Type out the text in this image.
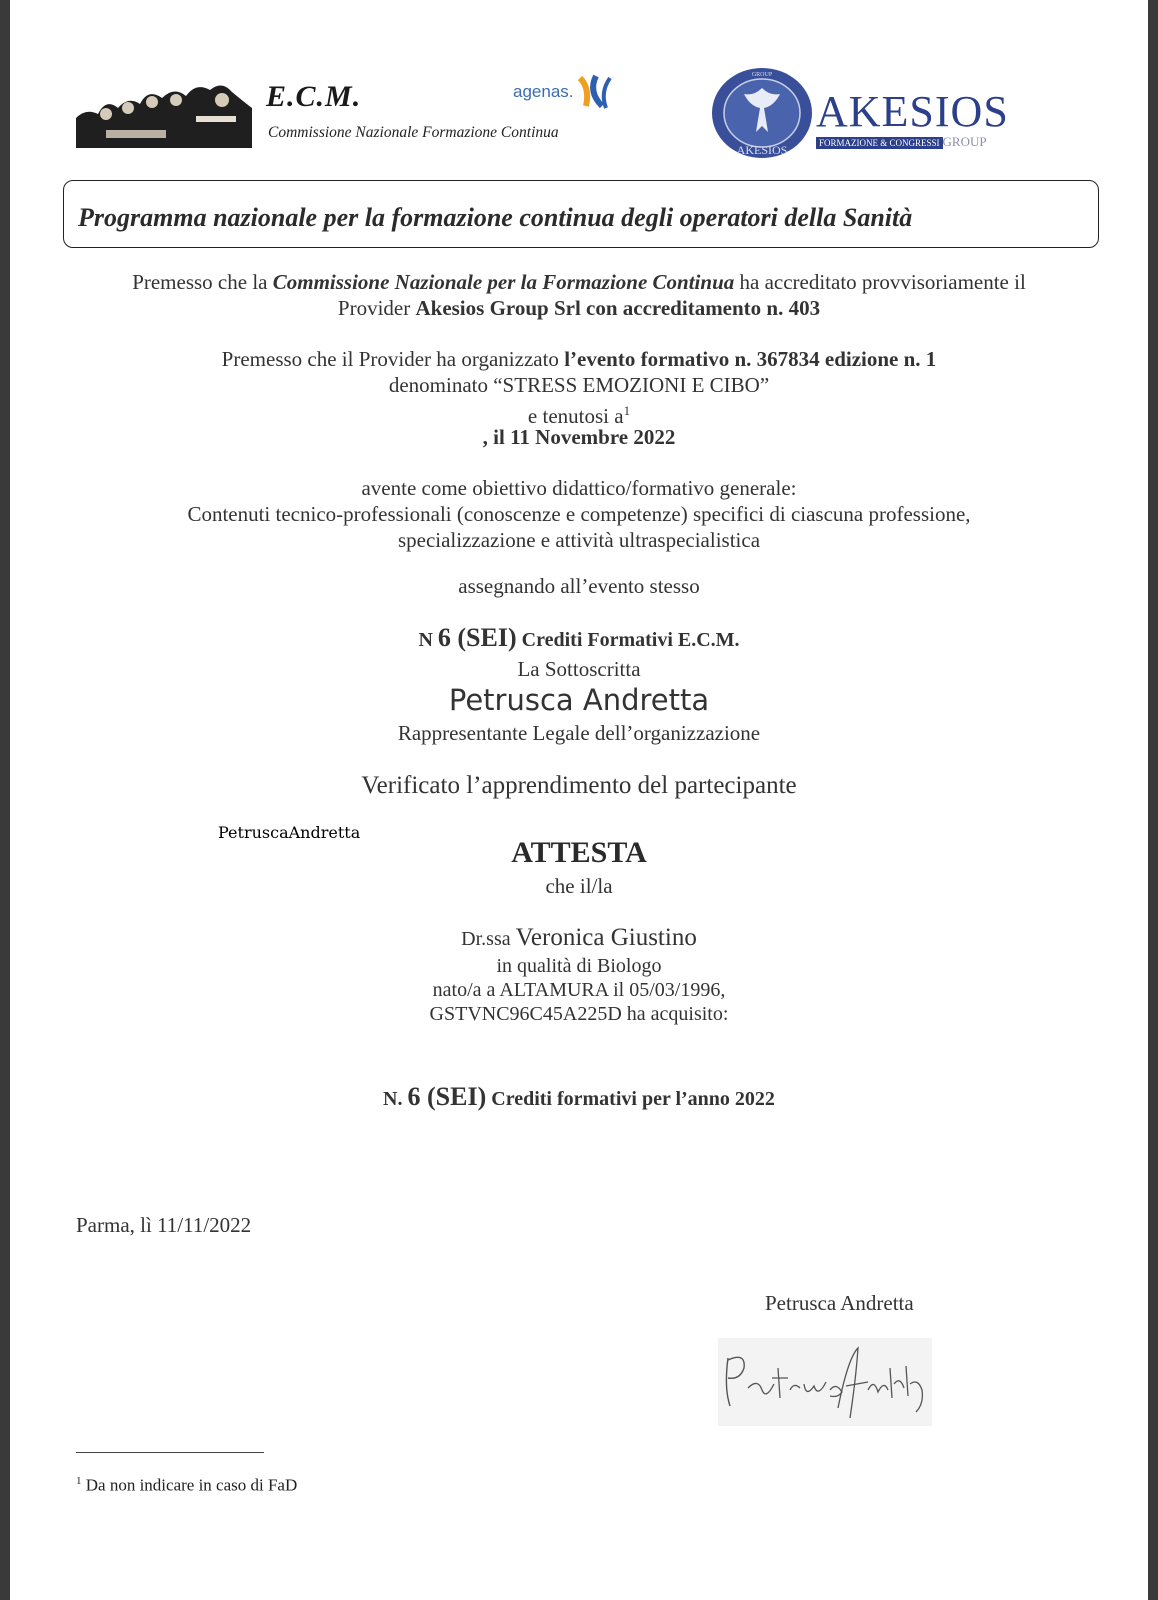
E.C.M.
Commissione Nazionale Formazione Continua
agenas.
AKESIOS
GROUP
AKESIOS
FORMAZIONE & CONGRESSI GROUP
Programma nazionale per la formazione continua degli operatori della Sanità
Premesso che la Commissione Nazionale per la Formazione Continua ha accreditato provvisoriamente il
Provider Akesios Group Srl con accreditamento n. 403
Premesso che il Provider ha organizzato l’evento formativo n. 367834 edizione n. 1
denominato “STRESS EMOZIONI E CIBO”
e tenutosi $a^1$
, il 11 Novembre 2022
avente come obiettivo didattico/formativo generale:
Contenuti tecnico-professionali (conoscenze e competenze) specifici di ciascuna professione,
specializzazione e attività ultraspecialistica
assegnando all’evento stesso
N 6 (SEI) Crediti Formativi E.C.M.
La Sottoscritta
Petrusca Andretta
Rappresentante Legale dell’organizzazione
Verificato l’apprendimento del partecipante
ATTESTA
che il/la
Dr.ssa Veronica Giustino
in qualità di Biologo
nato/a a ALTAMURA il 05/03/1996,
GSTVNC96C45A225D ha acquisito:
N. 6 (SEI) Crediti formativi per l’anno 2022
Parma, lì 11/11/2022
Petrusca Andretta
PetruscaAndretta
$^1$ Da non indicare in caso di FaD
